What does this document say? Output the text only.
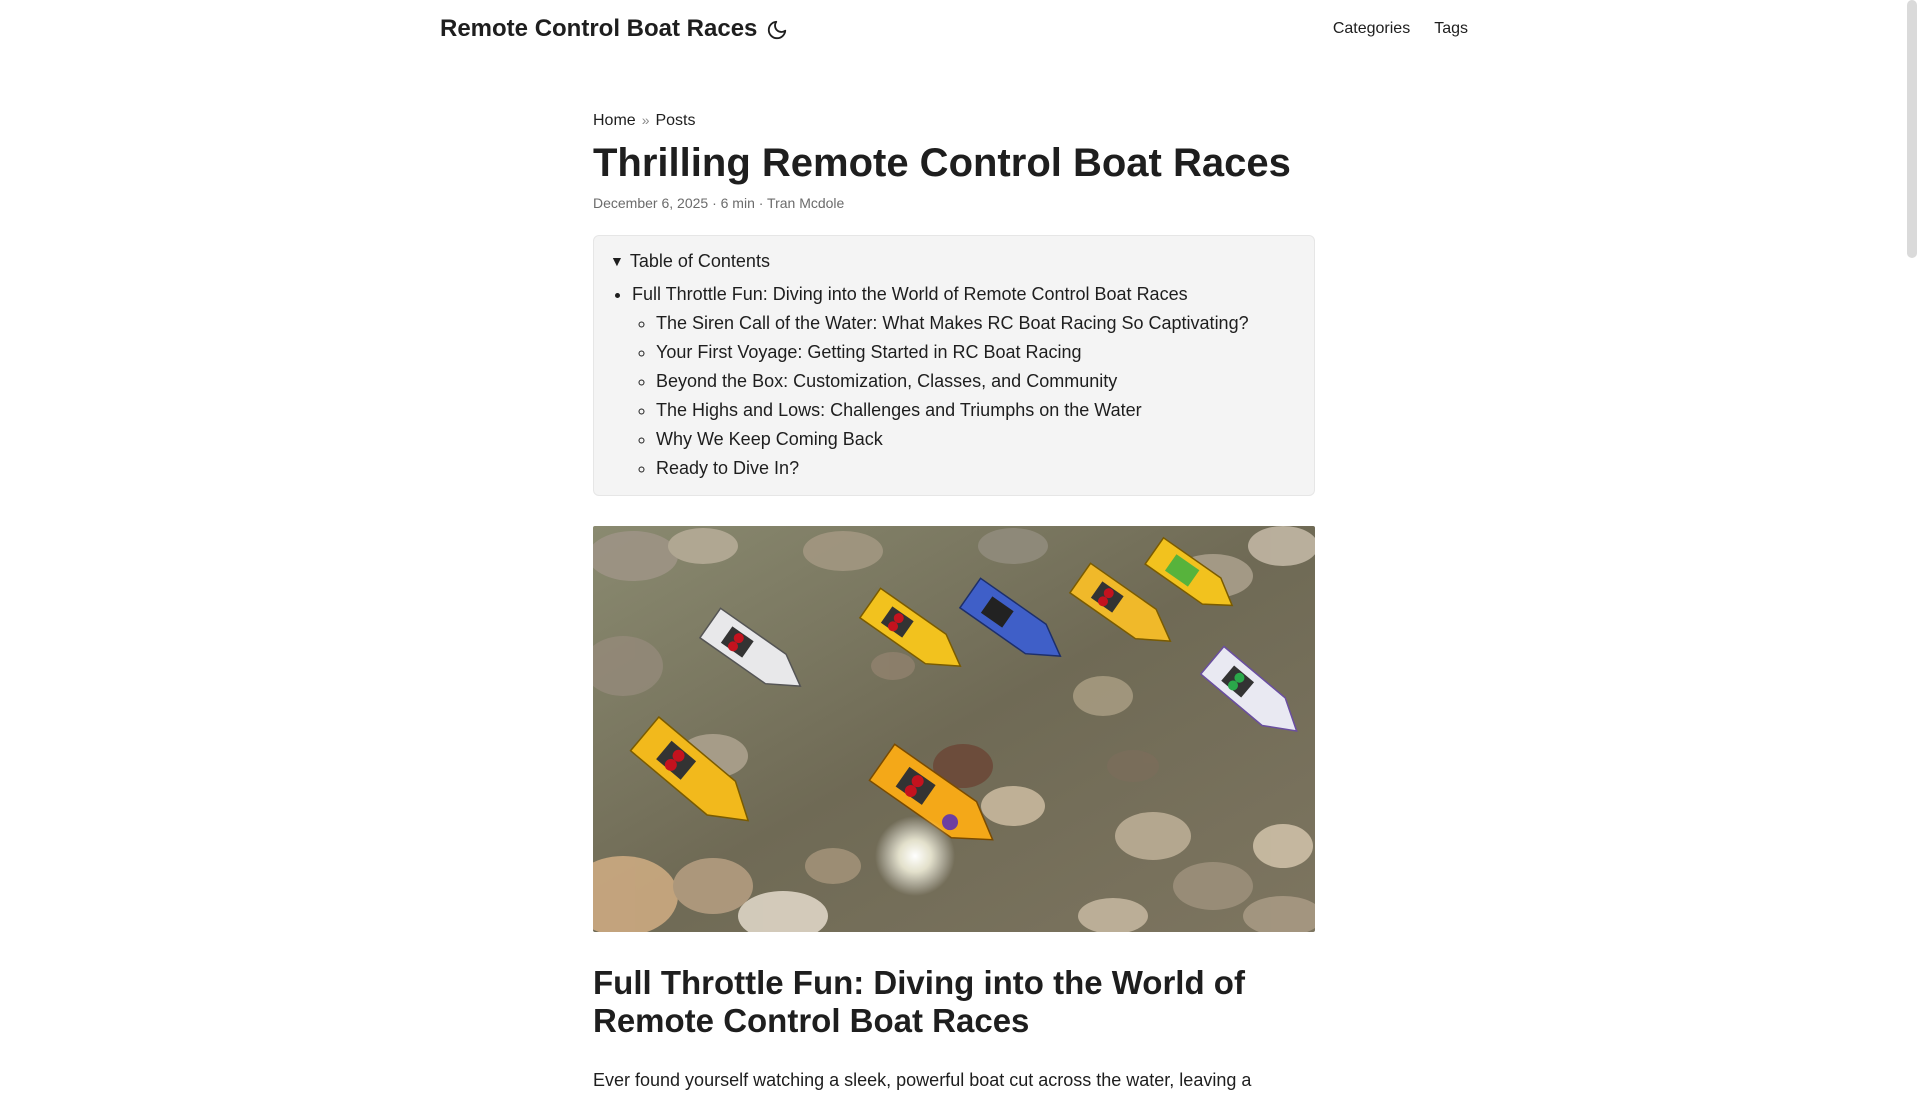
Remote Control Boat Races	Categories Tags
Home » Posts
Thrilling Remote Control Boat Races
December 6, 2025 · 6 min · Tran Mcdole
▼ Table of Contents
• Full Throttle Fun: Diving into the World of Remote Control Boat Races
◦ The Siren Call of the Water: What Makes RC Boat Racing So Captivating?
◦ Your First Voyage: Getting Started in RC Boat Racing
◦ Beyond the Box: Customization, Classes, and Community
◦ The Highs and Lows: Challenges and Triumphs on the Water
◦ Why We Keep Coming Back
◦ Ready to Dive In?
Full Throttle Fun: Diving into the World of Remote Control Boat Races

Ever found yourself watching a sleek, powerful boat cut across the water, leaving a
